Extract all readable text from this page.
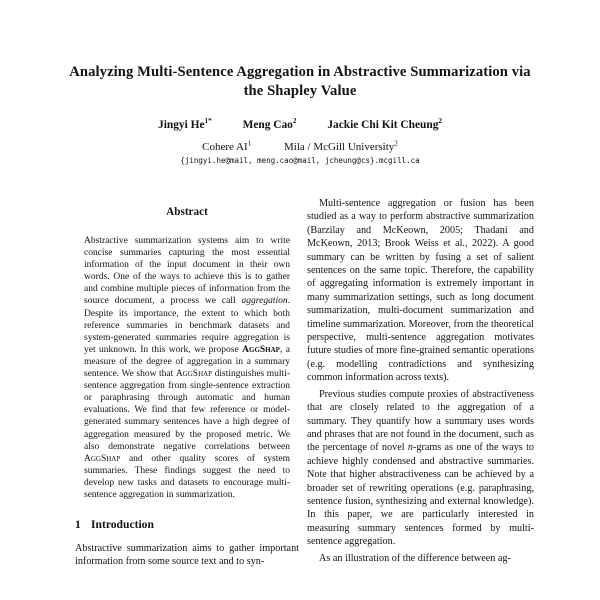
Analyzing Multi-Sentence Aggregation in Abstractive Summarization via
the Shapley Value
Jingyi $He^{1*}$	Meng Cao$^2$	Jackie Chi Kit Cheung$^2$
Cohere $AI^1$	Mila / McGill University$^2$
{jingyi.he@mail, meng.cao@mail, jcheung@cs}.mcgill.ca
Abstract

Abstractive summarization systems aim to write concise summaries capturing the most essential information of the input document in their own words. One of the ways to achieve this is to gather and combine multiple pieces of information from the source document, a process we call aggregation. Despite its importance, the extent to which both reference summaries in benchmark datasets and system-generated summaries require aggregation is yet unknown. In this work, we propose AggShap, a measure of the degree of aggregation in a summary sentence. We show that AggShap distinguishes multi-sentence aggregation from single-sentence extraction or paraphrasing through automatic and human evaluations. We find that few reference or model-generated summary sentences have a high degree of aggregation measured by the proposed metric. We also demonstrate negative correlations between AggShap and other quality scores of system summaries. These findings suggest the need to develop new tasks and datasets to encourage multi-sentence aggregation in summarization.

1 Introduction

Abstractive summarization aims to gather important information from some source text and to syn-

Multi-sentence aggregation or fusion has been studied as a way to perform abstractive summarization (Barzilay and McKeown, 2005; Thadani and McKeown, 2013; Brook Weiss et al., 2022). A good summary can be written by fusing a set of salient sentences on the same topic. Therefore, the capability of aggregating information is extremely important in many summarization settings, such as long document summarization, multi-document summarization and timeline summarization. Moreover, from the theoretical perspective, multi-sentence aggregation motivates future studies of more fine-grained semantic operations (e.g. modelling contradictions and synthesizing common information across texts).

Previous studies compute proxies of abstractiveness that are closely related to the aggregation of a summary. They quantify how a summary uses words and phrases that are not found in the document, such as the percentage of novel n-grams as one of the ways to achieve highly condensed and abstractive summaries. Note that higher abstractiveness can be achieved by a broader set of rewriting operations (e.g. paraphrasing, sentence fusion, synthesizing and external knowledge). In this paper, we are particularly interested in measuring summary sentences formed by multi-sentence aggregation.

As an illustration of the difference between ag-
